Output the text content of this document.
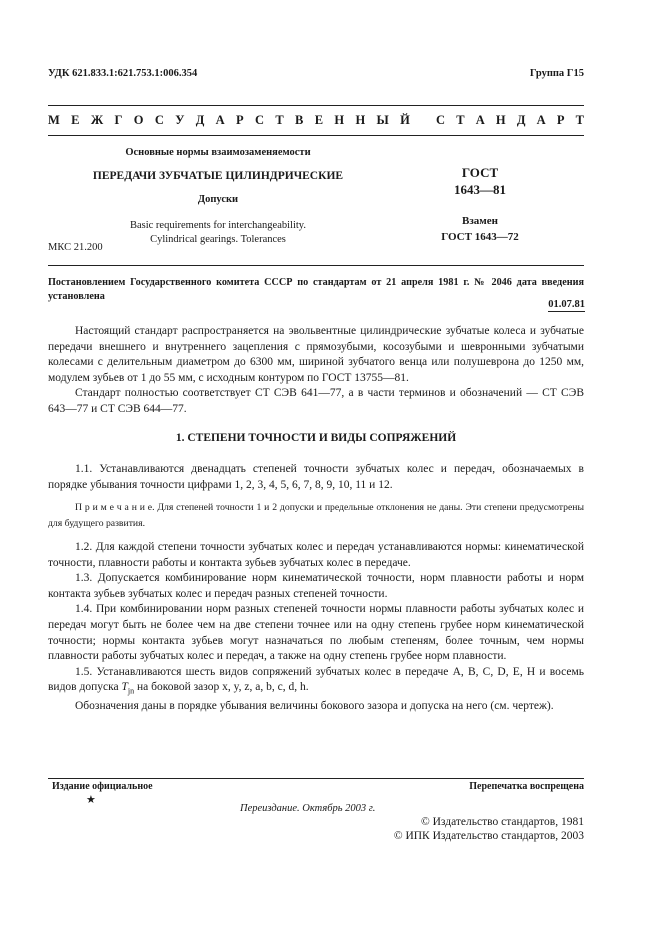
УДК 621.833.1:621.753.1:006.354	Группа Г15
М Е Ж Г О С У Д А Р С Т В Е Н Н Ы Й С Т А Н Д А Р Т
Основные нормы взаимозаменяемости
ПЕРЕДАЧИ ЗУБЧАТЫЕ ЦИЛИНДРИЧЕСКИЕ
Допуски
Basic requirements for interchangeability.
Cylindrical gearings. Tolerances
МКС 21.200
ГОСТ
1643—81
Взамен
ГОСТ 1643—72
Постановлением Государственного комитета СССР по стандартам от 21 апреля 1981 г. № 2046 дата введения установлена
01.07.81

Настоящий стандарт распространяется на эвольвентные цилиндрические зубчатые колеса и зубчатые передачи внешнего и внутреннего зацепления с прямозубыми, косозубыми и шевронными зубчатыми колесами с делительным диаметром до 6300 мм, шириной зубчатого венца или полушеврона до 1250 мм, модулем зубьев от 1 до 55 мм, с исходным контуром по ГОСТ 13755—81.

Стандарт полностью соответствует СТ СЭВ 641—77, а в части терминов и обозначений — СТ СЭВ 643—77 и СТ СЭВ 644—77.

1. СТЕПЕНИ ТОЧНОСТИ И ВИДЫ СОПРЯЖЕНИЙ

1.1. Устанавливаются двенадцать степеней точности зубчатых колес и передач, обозначаемых в порядке убывания точности цифрами 1, 2, 3, 4, 5, 6, 7, 8, 9, 10, 11 и 12.

П р и м е ч а н и е. Для степеней точности 1 и 2 допуски и предельные отклонения не даны. Эти степени предусмотрены для будущего развития.

1.2. Для каждой степени точности зубчатых колес и передач устанавливаются нормы: кинематической точности, плавности работы и контакта зубьев зубчатых колес в передаче.

1.3. Допускается комбинирование норм кинематической точности, норм плавности работы и норм контакта зубьев зубчатых колес и передач разных степеней точности.

1.4. При комбинировании норм разных степеней точности нормы плавности работы зубчатых колес и передач могут быть не более чем на две степени точнее или на одну степень грубее норм кинематической точности; нормы контакта зубьев могут назначаться по любым степеням, более точным, чем нормы плавности работы зубчатых колес и передач, а также на одну степень грубее норм плавности.

1.5. Устанавливаются шесть видов сопряжений зубчатых колес в передаче A, B, C, D, E, H и восемь видов допуска $T_{jn}$ на боковой зазор x, y, z, a, b, c, d, h.

Обозначения даны в порядке убывания величины бокового зазора и допуска на него (см. чертеж).

Издание официальное	Перепечатка воспрещена
★
Переиздание. Октябрь 2003 г.
© Издательство стандартов, 1981
© ИПК Издательство стандартов, 2003
